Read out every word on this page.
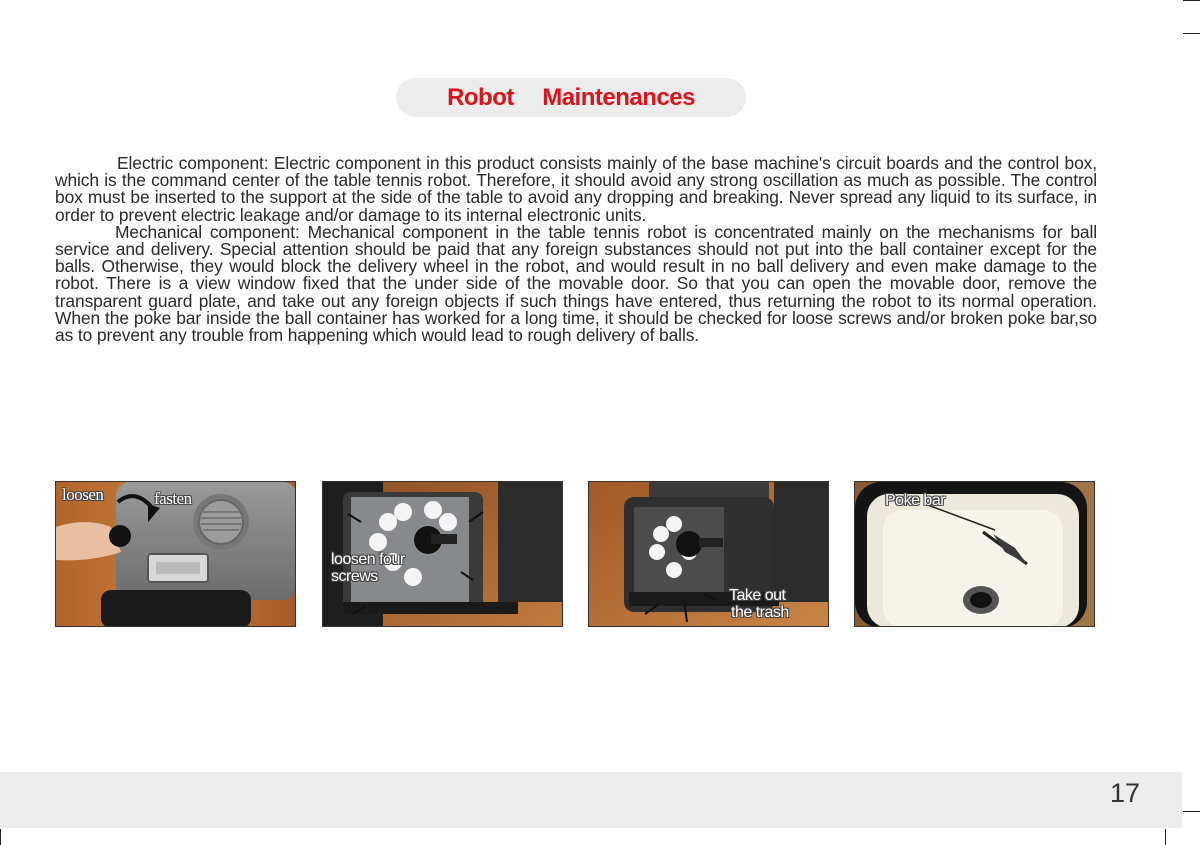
Robot  Maintenances

Electric component: Electric component in this product consists mainly of the base machine's circuit boards and the control box, which is the command center of the table tennis robot. Therefore, it should avoid any strong oscillation as much as possible. The control box must be inserted to the support at the side of the table to avoid any dropping and breaking. Never spread any liquid to its surface, in order to prevent electric leakage and/or damage to its internal electronic units.

Mechanical component: Mechanical component in the table tennis robot is concentrated mainly on the mechanisms for ball service and delivery. Special attention should be paid that any foreign substances should not put into the ball container except for the balls. Otherwise, they would block the delivery wheel in the robot, and would result in no ball delivery and even make damage to the robot. There is a view window fixed that the under side of the movable door. So that you can open the movable door, remove the transparent guard plate, and take out any foreign objects if such things have entered, thus returning the robot to its normal operation. When the poke bar inside the ball container has worked for a long time, it should be checked for loose screws and/or broken poke bar,so as to prevent any trouble from happening which would lead to rough delivery of balls.

loosen	fasten
loosen four
screws
Take out
the trash
Poke bar
17
